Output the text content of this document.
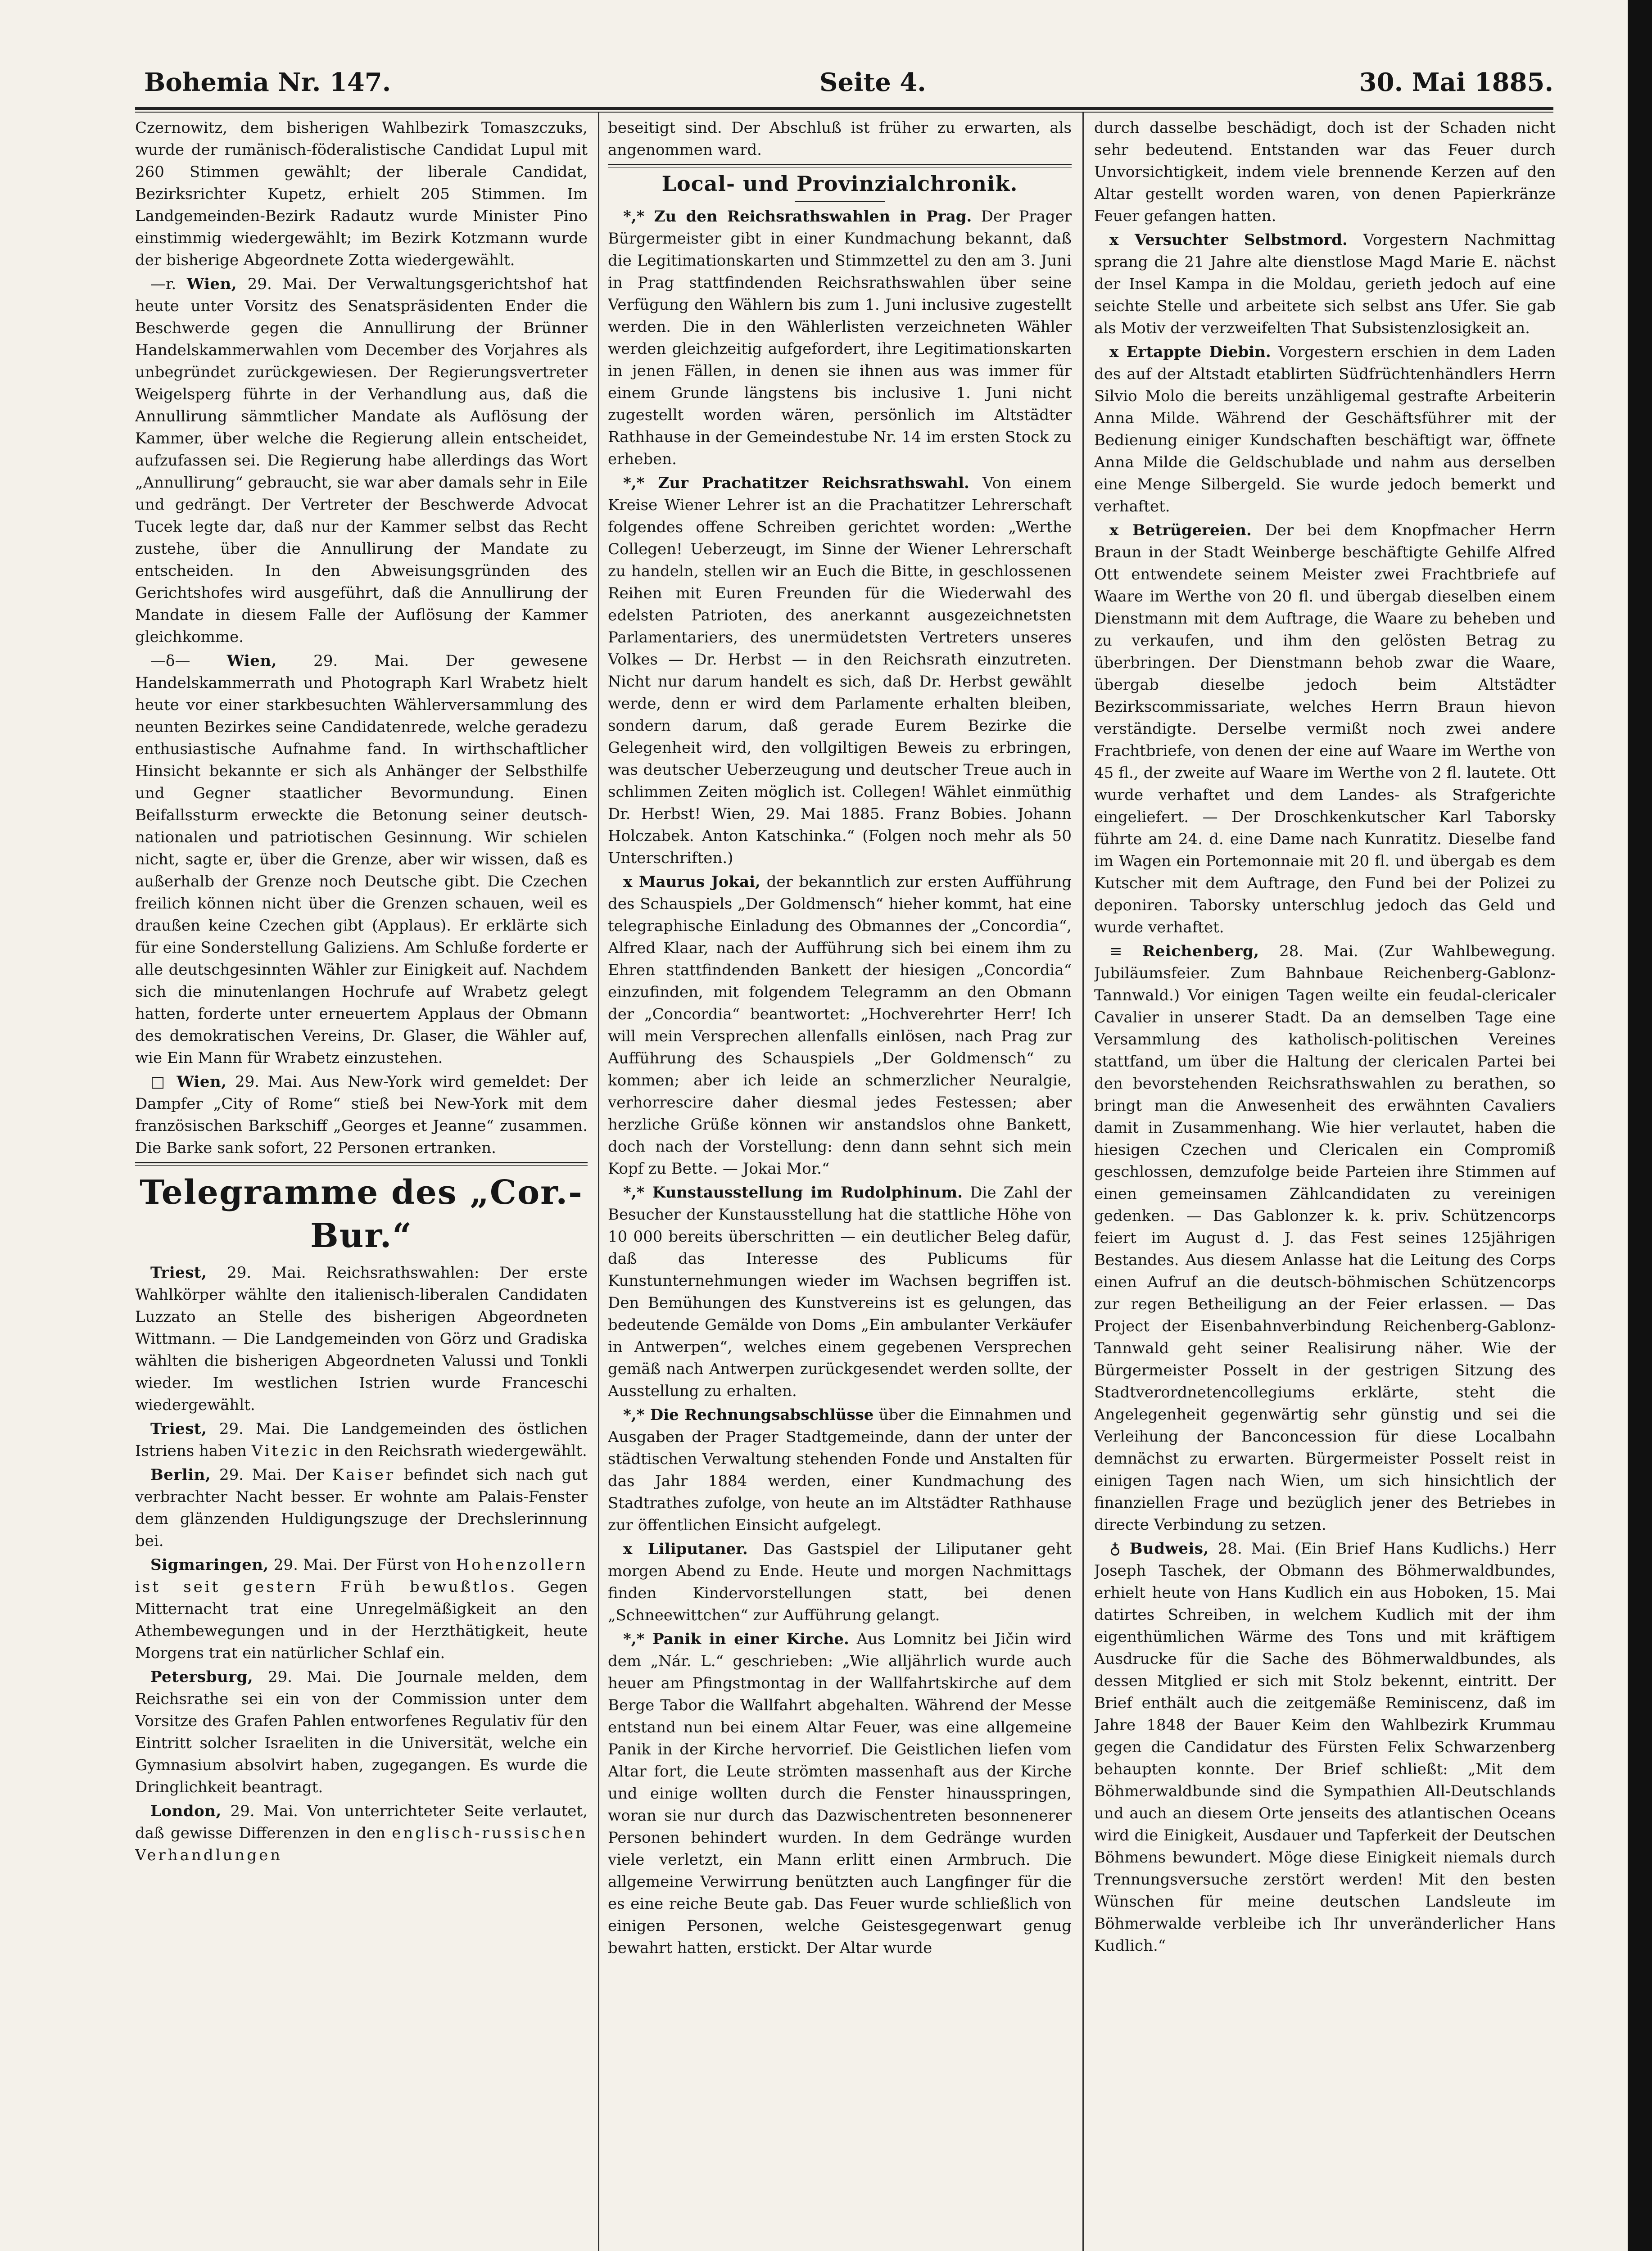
Bohemia Nr. 147.	Seite 4.	30. Mai 1885.

Czernowitz, dem bisherigen Wahlbezirk Tomaszczuks, wurde der rumänisch-föderalistische Candidat Lupul mit 260 Stimmen gewählt; der liberale Candidat, Bezirksrichter Kupetz, erhielt 205 Stimmen. Im Landgemeinden-Bezirk Radautz wurde Minister Pino einstimmig wiedergewählt; im Bezirk Kotzmann wurde der bisherige Abgeordnete Zotta wiedergewählt.

—r. Wien, 29. Mai. Der Verwaltungsgerichtshof hat heute unter Vorsitz des Senatspräsidenten Ender die Beschwerde gegen die Annullirung der Brünner Handelskammerwahlen vom December des Vorjahres als unbegründet zurückgewiesen. Der Regierungsvertreter Weigelsperg führte in der Verhandlung aus, daß die Annullirung sämmtlicher Mandate als Auflösung der Kammer, über welche die Regierung allein entscheidet, aufzufassen sei. Die Regierung habe allerdings das Wort „Annullirung“ gebraucht, sie war aber damals sehr in Eile und gedrängt. Der Vertreter der Beschwerde Advocat Tucek legte dar, daß nur der Kammer selbst das Recht zustehe, über die Annullirung der Mandate zu entscheiden. In den Abweisungsgründen des Gerichtshofes wird ausgeführt, daß die Annullirung der Mandate in diesem Falle der Auflösung der Kammer gleichkomme.

—δ— Wien, 29. Mai. Der gewesene Handelskammerrath und Photograph Karl Wrabetz hielt heute vor einer starkbesuchten Wählerversammlung des neunten Bezirkes seine Candidatenrede, welche geradezu enthusiastische Aufnahme fand. In wirthschaftlicher Hinsicht bekannte er sich als Anhänger der Selbsthilfe und Gegner staatlicher Bevormundung. Einen Beifallssturm erweckte die Betonung seiner deutsch-nationalen und patriotischen Gesinnung. Wir schielen nicht, sagte er, über die Grenze, aber wir wissen, daß es außerhalb der Grenze noch Deutsche gibt. Die Czechen freilich können nicht über die Grenzen schauen, weil es draußen keine Czechen gibt (Applaus). Er erklärte sich für eine Sonderstellung Galiziens. Am Schluße forderte er alle deutschgesinnten Wähler zur Einigkeit auf. Nachdem sich die minutenlangen Hochrufe auf Wrabetz gelegt hatten, forderte unter erneuertem Applaus der Obmann des demokratischen Vereins, Dr. Glaser, die Wähler auf, wie Ein Mann für Wrabetz einzustehen.

□ Wien, 29. Mai. Aus New-York wird gemeldet: Der Dampfer „City of Rome“ stieß bei New-York mit dem französischen Barkschiff „Georges et Jeanne“ zusammen. Die Barke sank sofort, 22 Personen ertranken.

Telegramme des „Cor.-Bur.“

Triest, 29. Mai. Reichsrathswahlen: Der erste Wahlkörper wählte den italienisch-liberalen Candidaten Luzzato an Stelle des bisherigen Abgeordneten Wittmann. — Die Landgemeinden von Görz und Gradiska wählten die bisherigen Abgeordneten Valussi und Tonkli wieder. Im westlichen Istrien wurde Franceschi wiedergewählt.

Triest, 29. Mai. Die Landgemeinden des östlichen Istriens haben Vitezic in den Reichsrath wiedergewählt.

Berlin, 29. Mai. Der Kaiser befindet sich nach gut verbrachter Nacht besser. Er wohnte am Palais-Fenster dem glänzenden Huldigungszuge der Drechslerinnung bei.

Sigmaringen, 29. Mai. Der Fürst von Hohenzollern ist seit gestern Früh bewußtlos. Gegen Mitternacht trat eine Unregelmäßigkeit an den Athembewegungen und in der Herzthätigkeit, heute Morgens trat ein natürlicher Schlaf ein.

Petersburg, 29. Mai. Die Journale melden, dem Reichsrathe sei ein von der Commission unter dem Vorsitze des Grafen Pahlen entworfenes Regulativ für den Eintritt solcher Israeliten in die Universität, welche ein Gymnasium absolvirt haben, zugegangen. Es wurde die Dringlichkeit beantragt.

London, 29. Mai. Von unterrichteter Seite verlautet, daß gewisse Differenzen in den englisch-russischen Verhandlungen

beseitigt sind. Der Abschluß ist früher zu erwarten, als angenommen ward.

Local- und Provinzialchronik.

*,* Zu den Reichsrathswahlen in Prag. Der Prager Bürgermeister gibt in einer Kundmachung bekannt, daß die Legitimationskarten und Stimmzettel zu den am 3. Juni in Prag stattfindenden Reichsrathswahlen über seine Verfügung den Wählern bis zum 1. Juni inclusive zugestellt werden. Die in den Wählerlisten verzeichneten Wähler werden gleichzeitig aufgefordert, ihre Legitimationskarten in jenen Fällen, in denen sie ihnen aus was immer für einem Grunde längstens bis inclusive 1. Juni nicht zugestellt worden wären, persönlich im Altstädter Rathhause in der Gemeindestube Nr. 14 im ersten Stock zu erheben.

*,* Zur Prachatitzer Reichsrathswahl. Von einem Kreise Wiener Lehrer ist an die Prachatitzer Lehrerschaft folgendes offene Schreiben gerichtet worden: „Werthe Collegen! Ueberzeugt, im Sinne der Wiener Lehrerschaft zu handeln, stellen wir an Euch die Bitte, in geschlossenen Reihen mit Euren Freunden für die Wiederwahl des edelsten Patrioten, des anerkannt ausgezeichnetsten Parlamentariers, des unermüdetsten Vertreters unseres Volkes — Dr. Herbst — in den Reichsrath einzutreten. Nicht nur darum handelt es sich, daß Dr. Herbst gewählt werde, denn er wird dem Parlamente erhalten bleiben, sondern darum, daß gerade Eurem Bezirke die Gelegenheit wird, den vollgiltigen Beweis zu erbringen, was deutscher Ueberzeugung und deutscher Treue auch in schlimmen Zeiten möglich ist. Collegen! Wählet einmüthig Dr. Herbst! Wien, 29. Mai 1885. Franz Bobies. Johann Holczabek. Anton Katschinka.“ (Folgen noch mehr als 50 Unterschriften.)

x Maurus Jokai, der bekanntlich zur ersten Aufführung des Schauspiels „Der Goldmensch“ hieher kommt, hat eine telegraphische Einladung des Obmannes der „Concordia“, Alfred Klaar, nach der Aufführung sich bei einem ihm zu Ehren stattfindenden Bankett der hiesigen „Concordia“ einzufinden, mit folgendem Telegramm an den Obmann der „Concordia“ beantwortet: „Hochverehrter Herr! Ich will mein Versprechen allenfalls einlösen, nach Prag zur Aufführung des Schauspiels „Der Goldmensch“ zu kommen; aber ich leide an schmerzlicher Neuralgie, verhorrescire daher diesmal jedes Festessen; aber herzliche Grüße können wir anstandslos ohne Bankett, doch nach der Vorstellung: denn dann sehnt sich mein Kopf zu Bette. — Jokai Mor.“

*,* Kunstausstellung im Rudolphinum. Die Zahl der Besucher der Kunstausstellung hat die stattliche Höhe von 10 000 bereits überschritten — ein deutlicher Beleg dafür, daß das Interesse des Publicums für Kunstunternehmungen wieder im Wachsen begriffen ist. Den Bemühungen des Kunstvereins ist es gelungen, das bedeutende Gemälde von Doms „Ein ambulanter Verkäufer in Antwerpen“, welches einem gegebenen Versprechen gemäß nach Antwerpen zurückgesendet werden sollte, der Ausstellung zu erhalten.

*,* Die Rechnungsabschlüsse über die Einnahmen und Ausgaben der Prager Stadtgemeinde, dann der unter der städtischen Verwaltung stehenden Fonde und Anstalten für das Jahr 1884 werden, einer Kundmachung des Stadtrathes zufolge, von heute an im Altstädter Rathhause zur öffentlichen Einsicht aufgelegt.

x Liliputaner. Das Gastspiel der Liliputaner geht morgen Abend zu Ende. Heute und morgen Nachmittags finden Kindervorstellungen statt, bei denen „Schneewittchen“ zur Aufführung gelangt.

*,* Panik in einer Kirche. Aus Lomnitz bei Jičin wird dem „Nár. L.“ geschrieben: „Wie alljährlich wurde auch heuer am Pfingstmontag in der Wallfahrtskirche auf dem Berge Tabor die Wallfahrt abgehalten. Während der Messe entstand nun bei einem Altar Feuer, was eine allgemeine Panik in der Kirche hervorrief. Die Geistlichen liefen vom Altar fort, die Leute strömten massenhaft aus der Kirche und einige wollten durch die Fenster hinausspringen, woran sie nur durch das Dazwischentreten besonnenerer Personen behindert wurden. In dem Gedränge wurden viele verletzt, ein Mann erlitt einen Armbruch. Die allgemeine Verwirrung benützten auch Langfinger für die es eine reiche Beute gab. Das Feuer wurde schließlich von einigen Personen, welche Geistesgegenwart genug bewahrt hatten, erstickt. Der Altar wurde

durch dasselbe beschädigt, doch ist der Schaden nicht sehr bedeutend. Entstanden war das Feuer durch Unvorsichtigkeit, indem viele brennende Kerzen auf den Altar gestellt worden waren, von denen Papierkränze Feuer gefangen hatten.

x Versuchter Selbstmord. Vorgestern Nachmittag sprang die 21 Jahre alte dienstlose Magd Marie E. nächst der Insel Kampa in die Moldau, gerieth jedoch auf eine seichte Stelle und arbeitete sich selbst ans Ufer. Sie gab als Motiv der verzweifelten That Subsistenzlosigkeit an.

x Ertappte Diebin. Vorgestern erschien in dem Laden des auf der Altstadt etablirten Südfrüchtenhändlers Herrn Silvio Molo die bereits unzähligemal gestrafte Arbeiterin Anna Milde. Während der Geschäftsführer mit der Bedienung einiger Kundschaften beschäftigt war, öffnete Anna Milde die Geldschublade und nahm aus derselben eine Menge Silbergeld. Sie wurde jedoch bemerkt und verhaftet.

x Betrügereien. Der bei dem Knopfmacher Herrn Braun in der Stadt Weinberge beschäftigte Gehilfe Alfred Ott entwendete seinem Meister zwei Frachtbriefe auf Waare im Werthe von 20 fl. und übergab dieselben einem Dienstmann mit dem Auftrage, die Waare zu beheben und zu verkaufen, und ihm den gelösten Betrag zu überbringen. Der Dienstmann behob zwar die Waare, übergab dieselbe jedoch beim Altstädter Bezirkscommissariate, welches Herrn Braun hievon verständigte. Derselbe vermißt noch zwei andere Frachtbriefe, von denen der eine auf Waare im Werthe von 45 fl., der zweite auf Waare im Werthe von 2 fl. lautete. Ott wurde verhaftet und dem Landes- als Strafgerichte eingeliefert. — Der Droschkenkutscher Karl Taborsky führte am 24. d. eine Dame nach Kunratitz. Dieselbe fand im Wagen ein Portemonnaie mit 20 fl. und übergab es dem Kutscher mit dem Auftrage, den Fund bei der Polizei zu deponiren. Taborsky unterschlug jedoch das Geld und wurde verhaftet.

≡ Reichenberg, 28. Mai. (Zur Wahlbewegung. Jubiläumsfeier. Zum Bahnbaue Reichenberg-Gablonz-Tannwald.) Vor einigen Tagen weilte ein feudal-clericaler Cavalier in unserer Stadt. Da an demselben Tage eine Versammlung des katholisch-politischen Vereines stattfand, um über die Haltung der clericalen Partei bei den bevorstehenden Reichsrathswahlen zu berathen, so bringt man die Anwesenheit des erwähnten Cavaliers damit in Zusammenhang. Wie hier verlautet, haben die hiesigen Czechen und Clericalen ein Compromiß geschlossen, demzufolge beide Parteien ihre Stimmen auf einen gemeinsamen Zählcandidaten zu vereinigen gedenken. — Das Gablonzer k. k. priv. Schützencorps feiert im August d. J. das Fest seines 125jährigen Bestandes. Aus diesem Anlasse hat die Leitung des Corps einen Aufruf an die deutsch-böhmischen Schützencorps zur regen Betheiligung an der Feier erlassen. — Das Project der Eisenbahnverbindung Reichenberg-Gablonz-Tannwald geht seiner Realisirung näher. Wie der Bürgermeister Posselt in der gestrigen Sitzung des Stadtverordnetencollegiums erklärte, steht die Angelegenheit gegenwärtig sehr günstig und sei die Verleihung der Banconcession für diese Localbahn demnächst zu erwarten. Bürgermeister Posselt reist in einigen Tagen nach Wien, um sich hinsichtlich der finanziellen Frage und bezüglich jener des Betriebes in directe Verbindung zu setzen.

♁ Budweis, 28. Mai. (Ein Brief Hans Kudlichs.) Herr Joseph Taschek, der Obmann des Böhmerwaldbundes, erhielt heute von Hans Kudlich ein aus Hoboken, 15. Mai datirtes Schreiben, in welchem Kudlich mit der ihm eigenthümlichen Wärme des Tons und mit kräftigem Ausdrucke für die Sache des Böhmerwaldbundes, als dessen Mitglied er sich mit Stolz bekennt, eintritt. Der Brief enthält auch die zeitgemäße Reminiscenz, daß im Jahre 1848 der Bauer Keim den Wahlbezirk Krummau gegen die Candidatur des Fürsten Felix Schwarzenberg behaupten konnte. Der Brief schließt: „Mit dem Böhmerwaldbunde sind die Sympathien All-Deutschlands und auch an diesem Orte jenseits des atlantischen Oceans wird die Einigkeit, Ausdauer und Tapferkeit der Deutschen Böhmens bewundert. Möge diese Einigkeit niemals durch Trennungsversuche zerstört werden! Mit den besten Wünschen für meine deutschen Landsleute im Böhmerwalde verbleibe ich Ihr unveränderlicher Hans Kudlich.“
